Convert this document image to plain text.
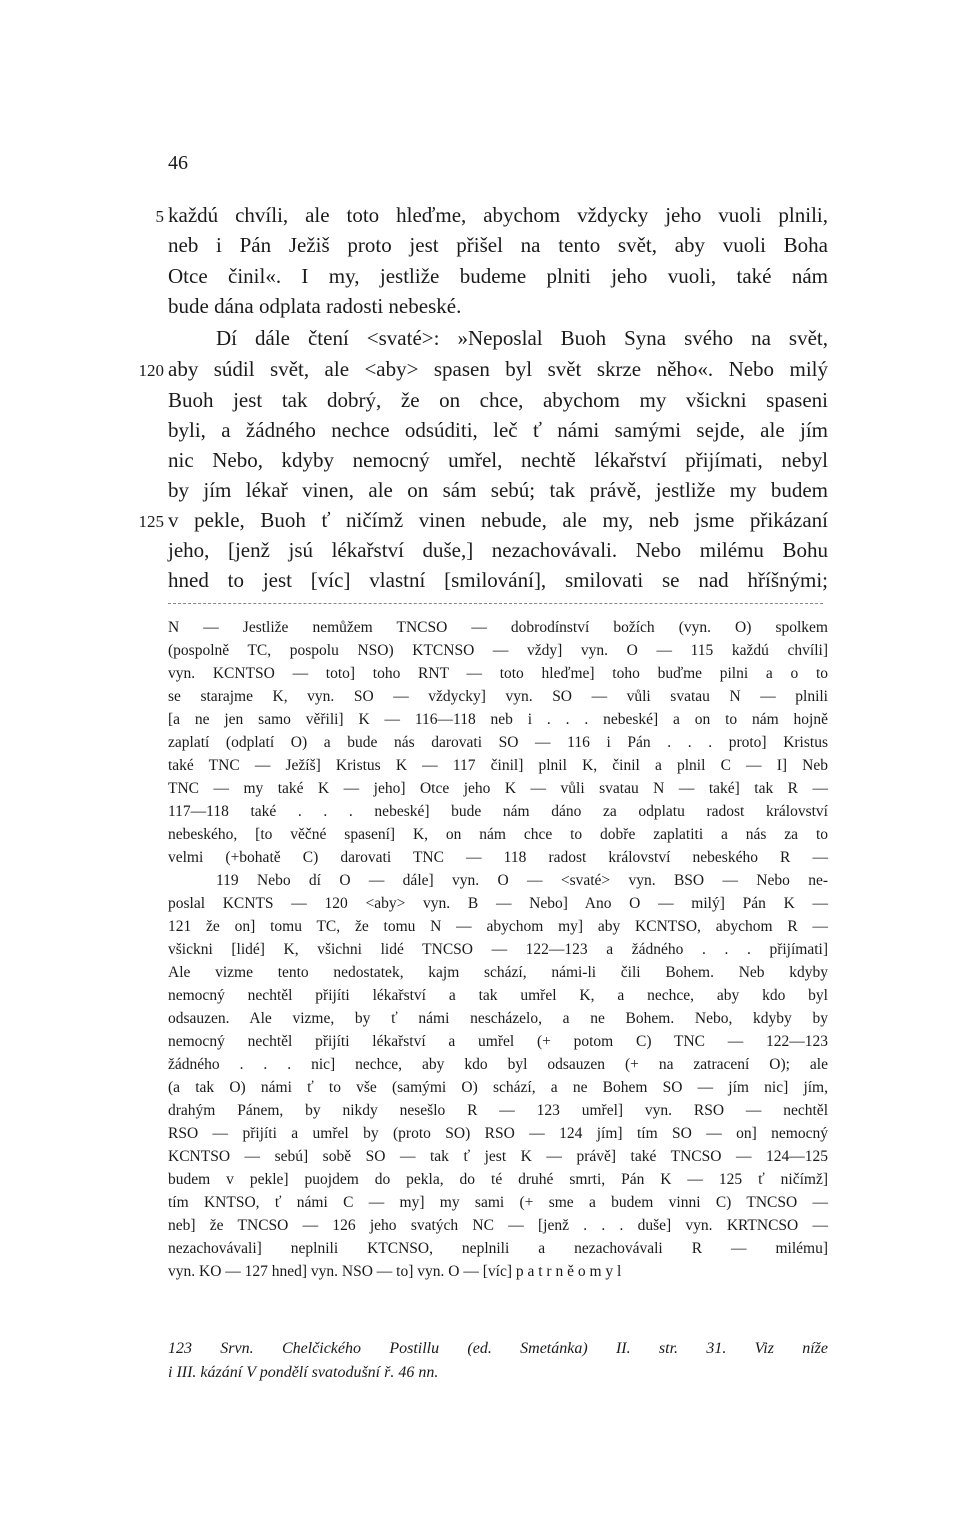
46
5
120
125
každú chvíli, ale toto hleďme, abychom vždycky jeho vuoli plnili,
neb i Pán Ježiš proto jest přišel na tento svět, aby vuoli Boha
Otce činil«. I my, jestliže budeme plniti jeho vuoli, také nám
bude dána odplata radosti nebeské.
Dí dále čtení <svaté>: »Neposlal Buoh Syna svého na svět,
aby súdil svět, ale <aby> spasen byl svět skrze něho«. Nebo milý
Buoh jest tak dobrý, že on chce, abychom my všickni spaseni
byli, a žádného nechce odsúditi, leč ť námi samými sejde, ale jím
nic Nebo, kdyby nemocný umřel, nechtě lékařství přijímati, nebyl
by jím lékař vinen, ale on sám sebú; tak právě, jestliže my budem
v pekle, Buoh ť ničímž vinen nebude, ale my, neb jsme přikázaní
jeho, [jenž jsú lékařství duše,] nezachovávali. Nebo milému Bohu
hned to jest [víc] vlastní [smilování], smilovati se nad hříšnými;
N — Jestliže nemůžem TNCSO — dobrodínství božích (vyn. O) spolkem
(pospolně TC, pospolu NSO) KTCNSO — vždy] vyn. O — 115 každú chvíli]
vyn. KCNTSO — toto] toho RNT — toto hleďme] toho buďme pilni a o to
se starajme K, vyn. SO — vždycky] vyn. SO — vůli svatau N — plnili
[a ne jen samo věřili] K — 116—118 neb i . . . nebeské] a on to nám hojně
zaplatí (odplatí O) a bude nás darovati SO — 116 i Pán . . . proto] Kristus
také TNC — Ježíš] Kristus K — 117 činil] plnil K, činil a plnil C — I] Neb
TNC — my také K — jeho] Otce jeho K — vůli svatau N — také] tak R —
117—118 také . . . nebeské] bude nám dáno za odplatu radost království
nebeského, [to věčné spasení] K, on nám chce to dobře zaplatiti a nás za to
velmi (+bohatě C) darovati TNC — 118 radost království nebeského R —
119 Nebo dí O — dále] vyn. O — <svaté> vyn. BSO — Nebo ne-
poslal KCNTS — 120 <aby> vyn. B — Nebo] Ano O — milý] Pán K —
121 že on] tomu TC, že tomu N — abychom my] aby KCNTSO, abychom R —
všickni [lidé] K, všichni lidé TNCSO — 122—123 a žádného . . . přijímati]
Ale vizme tento nedostatek, kajm schází, námi-li čili Bohem. Neb kdyby
nemocný nechtěl přijíti lékařství a tak umřel K, a nechce, aby kdo byl
odsauzen. Ale vizme, by ť námi nescházelo, a ne Bohem. Nebo, kdyby by
nemocný nechtěl přijíti lékařství a umřel (+ potom C) TNC — 122—123
žádného . . . nic] nechce, aby kdo byl odsauzen (+ na zatracení O); ale
(a tak O) námi ť to vše (samými O) schází, a ne Bohem SO — jím nic] jím,
drahým Pánem, by nikdy nesešlo R — 123 umřel] vyn. RSO — nechtěl
RSO — přijíti a umřel by (proto SO) RSO — 124 jím] tím SO — on] nemocný
KCNTSO — sebú] sobě SO — tak ť jest K — právě] také TNCSO — 124—125
budem v pekle] puojdem do pekla, do té druhé smrti, Pán K — 125 ť ničímž]
tím KNTSO, ť námi C — my] my sami (+ sme a budem vinni C) TNCSO —
neb] že TNCSO — 126 jeho svatých NC — [jenž . . . duše] vyn. KRTNCSO —
nezachovávali] neplnili KTCNSO, neplnili a nezachovávali R — milému]
vyn. KO — 127 hned] vyn. NSO — to] vyn. O — [víc] p a t r n ě o m y l
123 Srvn. Chelčického Postillu (ed. Smetánka) II. str. 31. Viz níže
i III. kázání V pondělí svatodušní ř. 46 nn.
